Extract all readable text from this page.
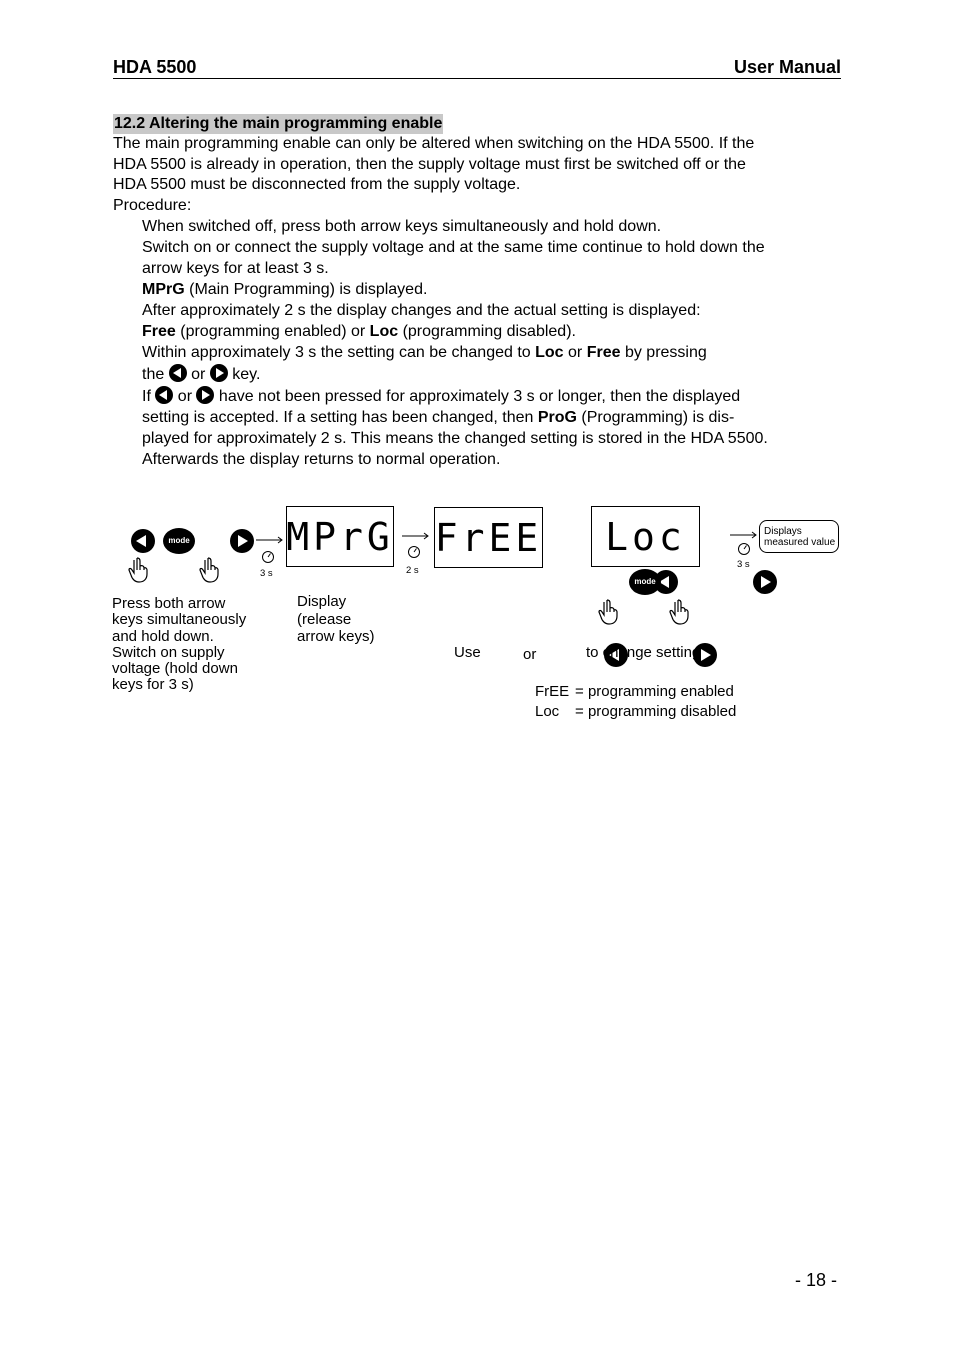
HDA 5500	User Manual
12.2 Altering the main programming enable
The main programming enable can only be altered when switching on the HDA 5500. If the
HDA 5500 is already in operation, then the supply voltage must first be switched off or the
HDA 5500 must be disconnected from the supply voltage.
Procedure:
When switched off, press both arrow keys simultaneously and hold down.
Switch on or connect the supply voltage and at the same time continue to hold down the
arrow keys for at least 3 s.
MPrG (Main Programming) is displayed.
After approximately 2 s the display changes and the actual setting is displayed:
Free (programming enabled) or Loc (programming disabled).
Within approximately 3 s the setting can be changed to Loc or Free by pressing
the  or  key.
If  or  have not been pressed for approximately 3 s or longer, then the displayed
setting is accepted. If a setting has been changed, then ProG (Programming) is dis-
played for approximately 2 s. This means the changed setting is stored in the HDA 5500.
Afterwards the display returns to normal operation.

mode

3 s
MPrG
2 s
FrEE	Loc

mode

3 s
Displays
measured value
Press both arrow
keys simultaneously
and hold down.
Switch on supply
voltage (hold down
keys for 3 s)
Display
(release
arrow keys)
Use
	or	to change setting
FrEE = programming enabled
Loc = programming disabled
- 18 -
